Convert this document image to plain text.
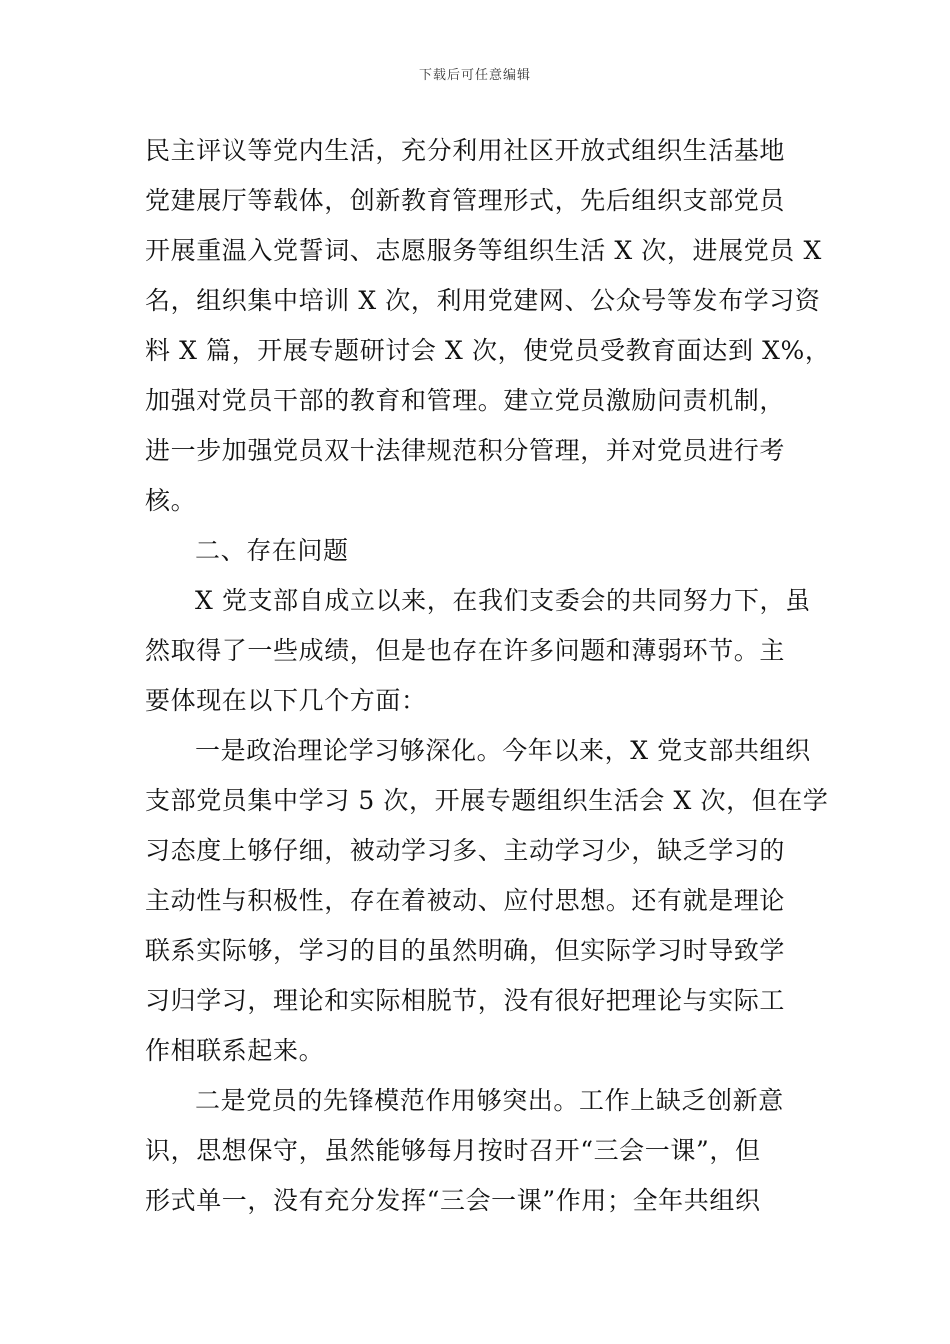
下载后可任意编辑
民主评议等党内生活，充分利用社区开放式组织生活基地
党建展厅等载体，创新教育管理形式，先后组织支部党员
开展重温入党誓词、志愿服务等组织生活 X 次，进展党员 X
名，组织集中培训 X 次，利用党建网、公众号等发布学习资
料 X 篇，开展专题研讨会 X 次，使党员受教育面达到 X%，
加强对党员干部的教育和管理。建立党员激励问责机制，
进一步加强党员双十法律规范积分管理，并对党员进行考
核。
二、存在问题
X 党支部自成立以来，在我们支委会的共同努力下，虽
然取得了一些成绩，但是也存在许多问题和薄弱环节。主
要体现在以下几个方面：
一是政治理论学习够深化。今年以来，X 党支部共组织
支部党员集中学习 5 次，开展专题组织生活会 X 次，但在学
习态度上够仔细，被动学习多、主动学习少，缺乏学习的
主动性与积极性，存在着被动、应付思想。还有就是理论
联系实际够，学习的目的虽然明确，但实际学习时导致学
习归学习，理论和实际相脱节，没有很好把理论与实际工
作相联系起来。
二是党员的先锋模范作用够突出。工作上缺乏创新意
识，思想保守，虽然能够每月按时召开“三会一课”，但
形式单一，没有充分发挥“三会一课”作用；全年共组织
